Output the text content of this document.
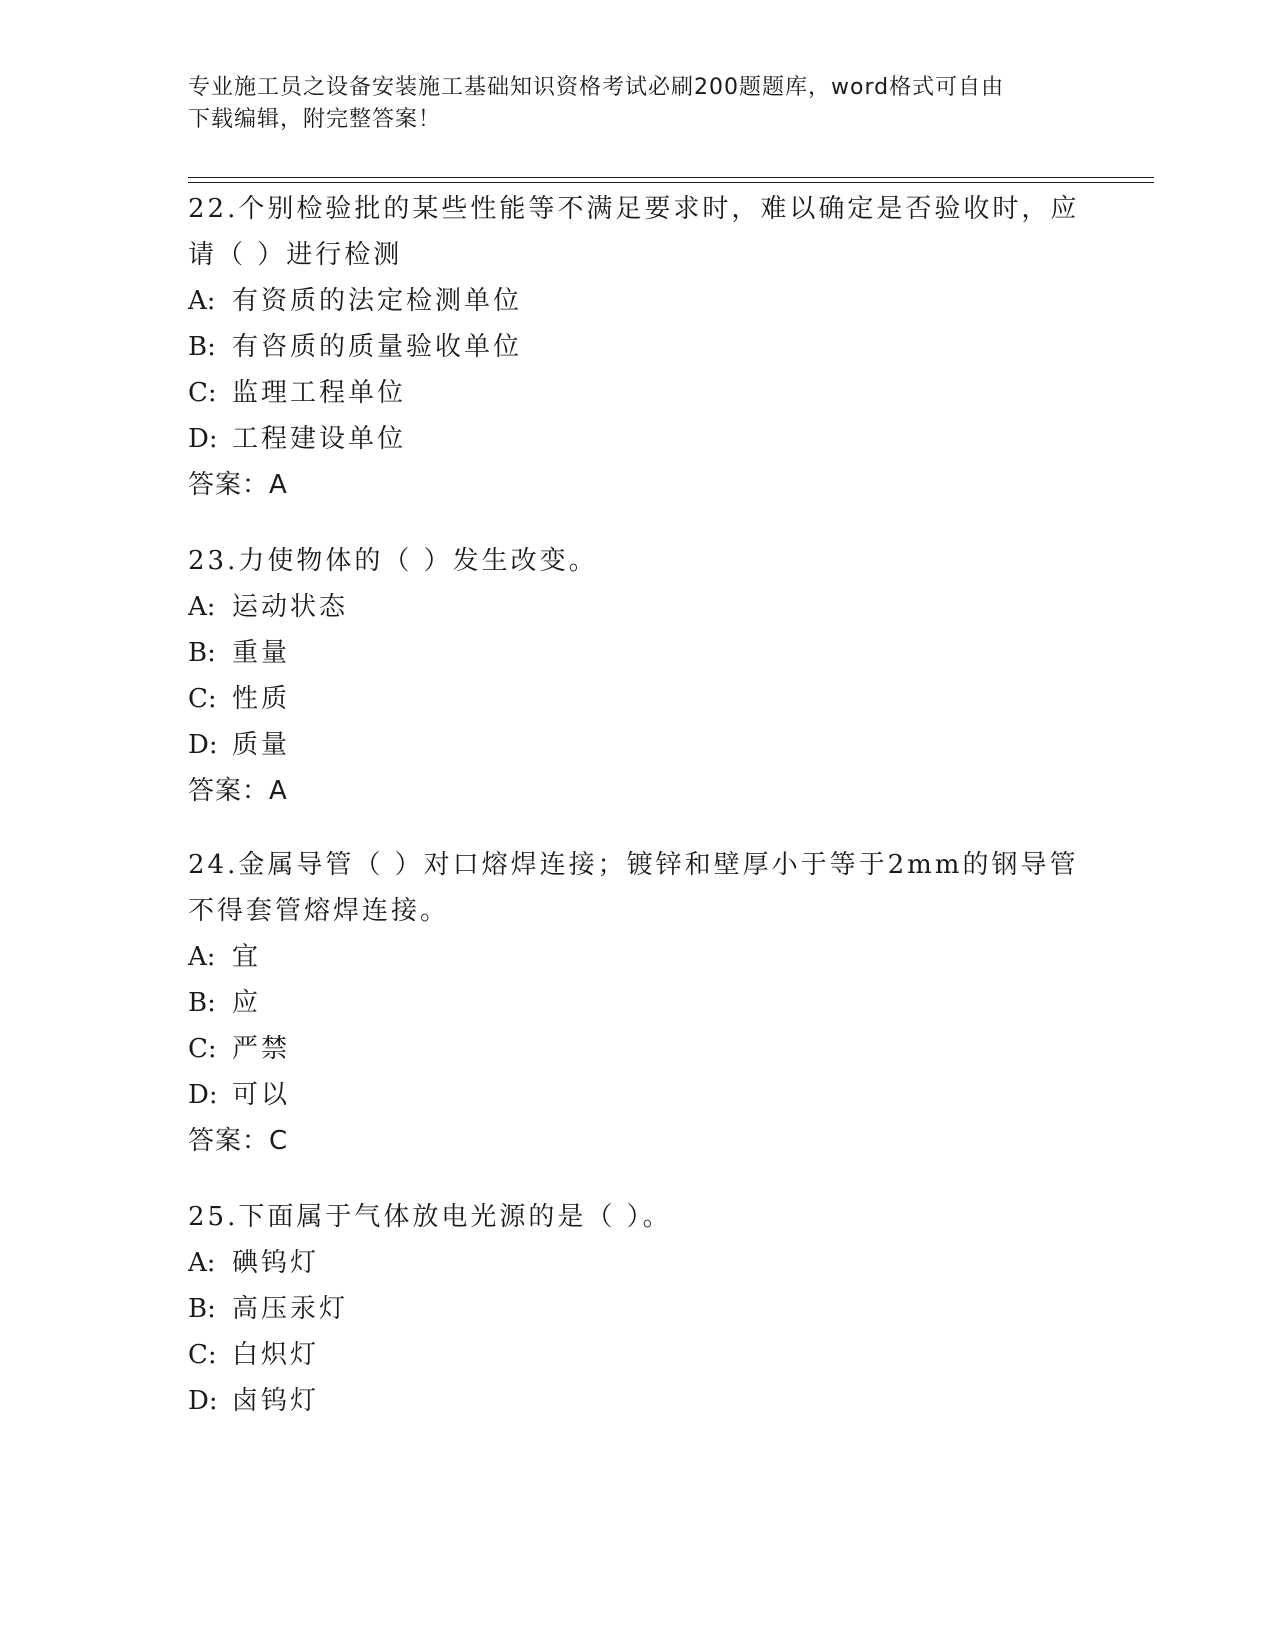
专业施工员之设备安装施工基础知识资格考试必刷200题题库，word格式可自由
下载编辑，附完整答案！
22.个别检验批的某些性能等不满足要求时，难以确定是否验收时，应
请（ ）进行检测
A: 有资质的法定检测单位
B: 有咨质的质量验收单位
C: 监理工程单位
D: 工程建设单位
答案：A
23.力使物体的（ ）发生改变。
A: 运动状态
B: 重量
C: 性质
D: 质量
答案：A
24.金属导管（ ）对口熔焊连接；镀锌和壁厚小于等于2mm的钢导管
不得套管熔焊连接。
A: 宜
B: 应
C: 严禁
D: 可以
答案：C
25.下面属于气体放电光源的是（ ）。
A: 碘钨灯
B: 高压汞灯
C: 白炽灯
D: 卤钨灯
